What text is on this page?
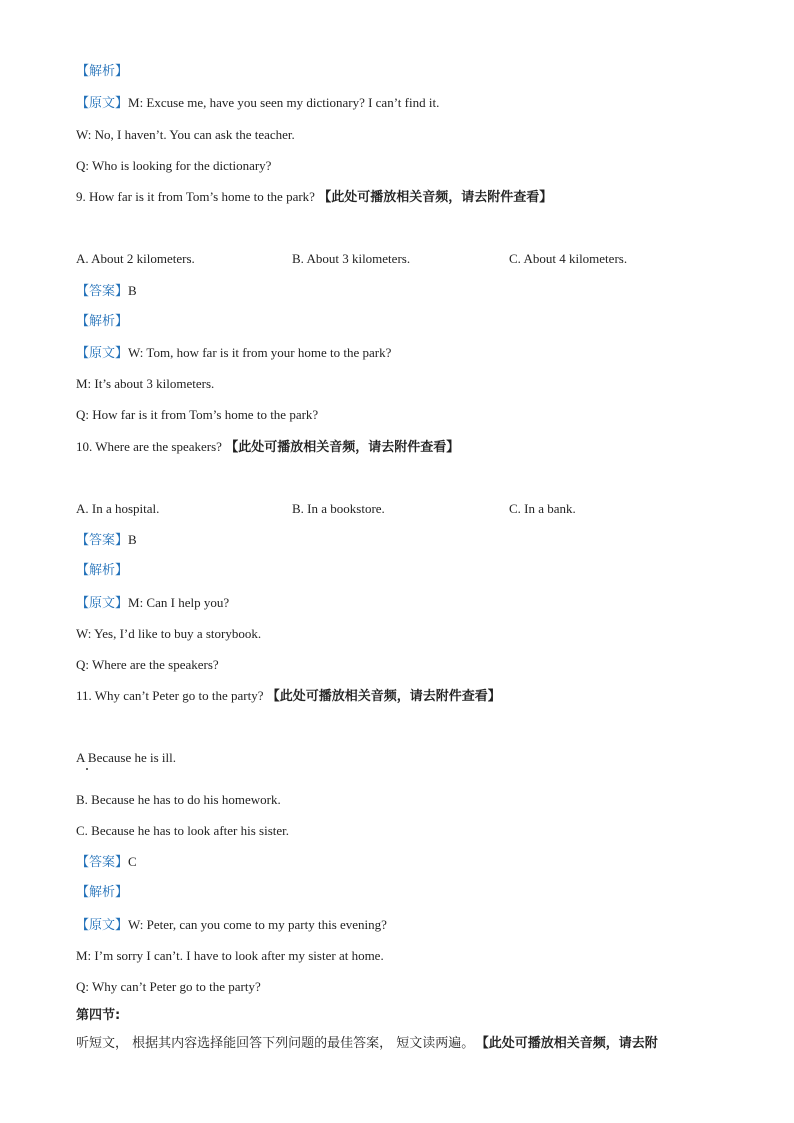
【解析】
【原文】M: Excuse me, have you seen my dictionary? I can’t find it.
W: No, I haven’t. You can ask the teacher.
Q: Who is looking for the dictionary?
9. How far is it from Tom’s home to the park? 【此处可播放相关音频，请去附件查看】
A. About 2 kilometers.	B. About 3 kilometers.	C. About 4 kilometers.
【答案】B
【解析】
【原文】W: Tom, how far is it from your home to the park?
M: It’s about 3 kilometers.
Q: How far is it from Tom’s home to the park?
10. Where are the speakers? 【此处可播放相关音频，请去附件查看】
A. In a hospital.	B. In a bookstore.	C. In a bank.
【答案】B
【解析】
【原文】M: Can I help you?
W: Yes, I’d like to buy a storybook.
Q: Where are the speakers?
11. Why can’t Peter go to the party? 【此处可播放相关音频，请去附件查看】
A Because he is ill.
B. Because he has to do his homework.
C. Because he has to look after his sister.
【答案】C
【解析】
【原文】W: Peter, can you come to my party this evening?
M: I’m sorry I can’t. I have to look after my sister at home.
Q: Why can’t Peter go to the party?
第四节:
听短文， 根据其内容选择能回答下列问题的最佳答案， 短文读两遍。 【此处可播放相关音频，请去附
